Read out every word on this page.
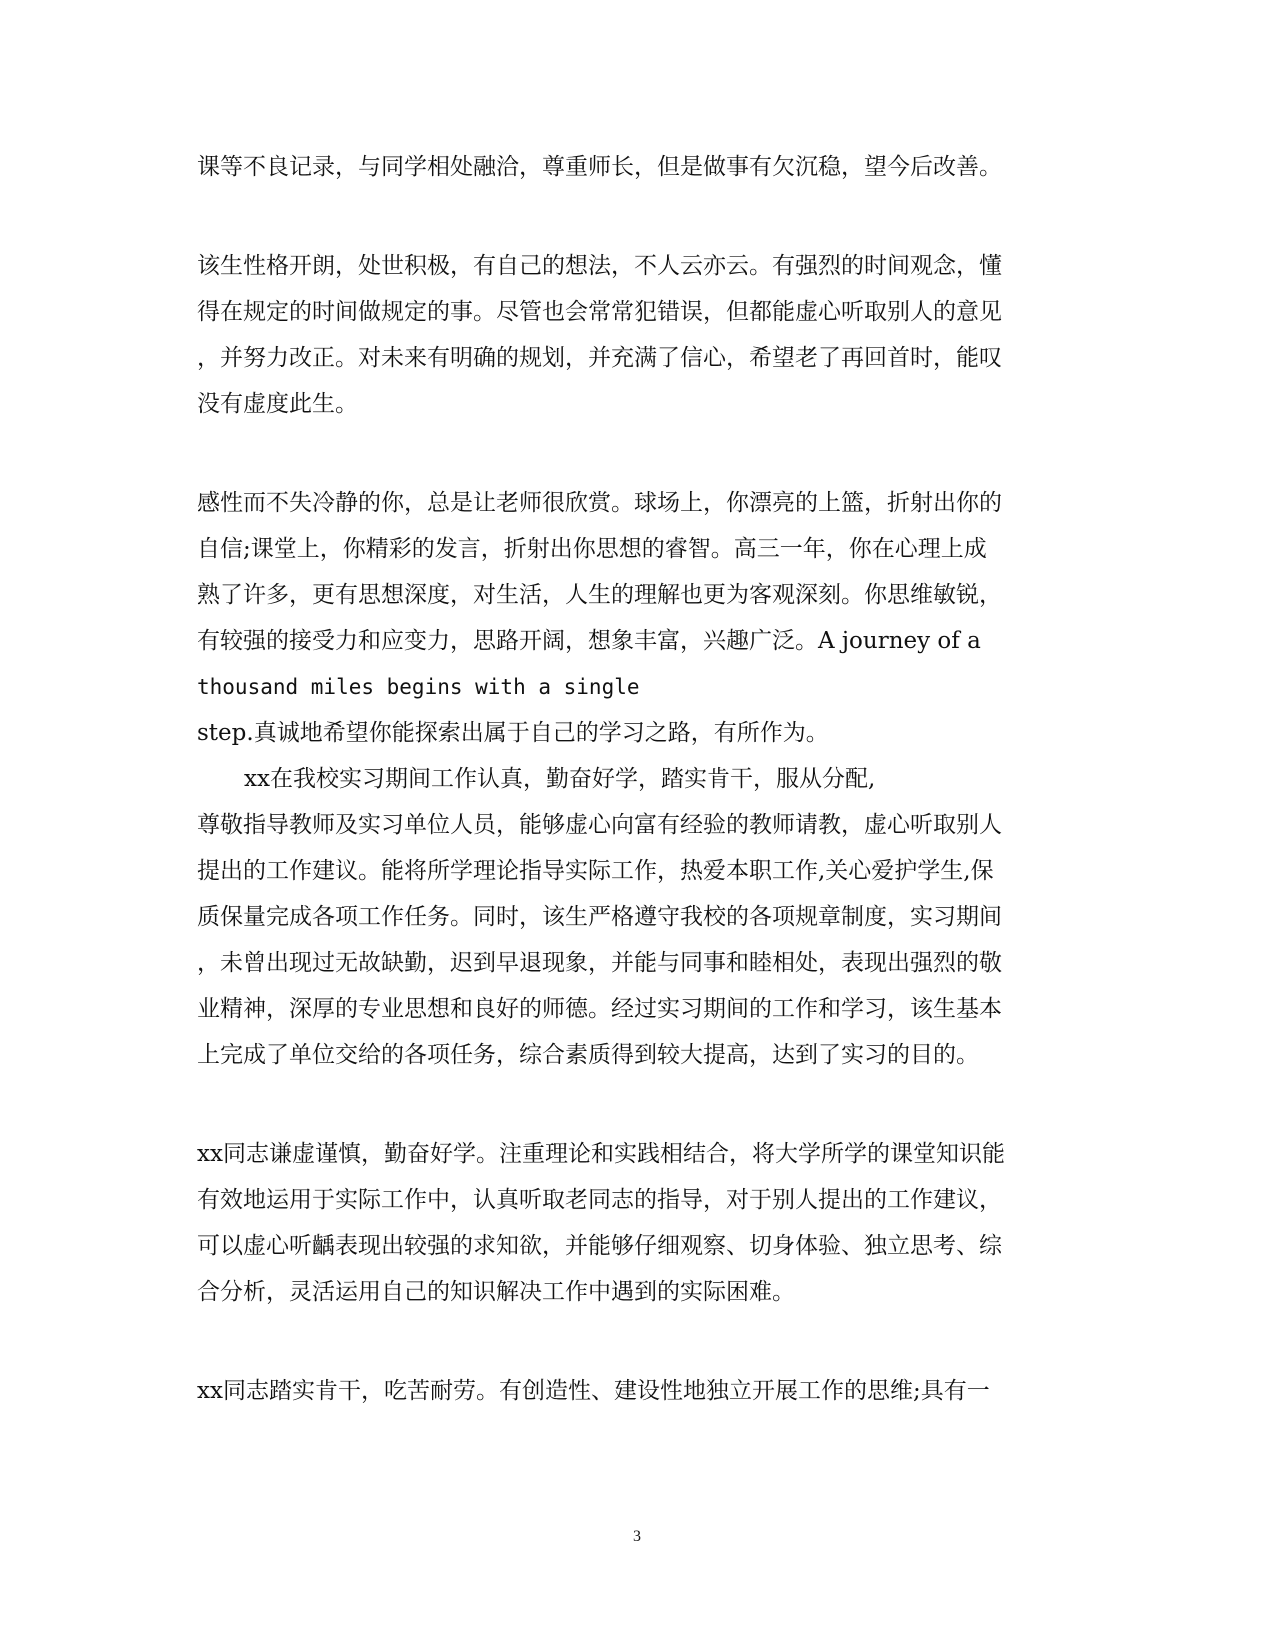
课等不良记录，与同学相处融洽，尊重师长，但是做事有欠沉稳，望今后改善。
该生性格开朗，处世积极，有自己的想法，不人云亦云。有强烈的时间观念，懂
得在规定的时间做规定的事。尽管也会常常犯错误，但都能虚心听取别人的意见
，并努力改正。对未来有明确的规划，并充满了信心，希望老了再回首时，能叹
没有虚度此生。
感性而不失冷静的你，总是让老师很欣赏。球场上，你漂亮的上篮，折射出你的
自信;课堂上，你精彩的发言，折射出你思想的睿智。高三一年，你在心理上成
熟了许多，更有思想深度，对生活，人生的理解也更为客观深刻。你思维敏锐，
有较强的接受力和应变力，思路开阔，想象丰富，兴趣广泛。A journey of a
thousand miles begins with a single
step.真诚地希望你能探索出属于自己的学习之路，有所作为。
xx在我校实习期间工作认真，勤奋好学，踏实肯干，服从分配,
尊敬指导教师及实习单位人员，能够虚心向富有经验的教师请教，虚心听取别人
提出的工作建议。能将所学理论指导实际工作，热爱本职工作,关心爱护学生,保
质保量完成各项工作任务。同时，该生严格遵守我校的各项规章制度，实习期间
，未曾出现过无故缺勤，迟到早退现象，并能与同事和睦相处，表现出强烈的敬
业精神，深厚的专业思想和良好的师德。经过实习期间的工作和学习，该生基本
上完成了单位交给的各项任务，综合素质得到较大提高，达到了实习的目的。
xx同志谦虚谨慎，勤奋好学。注重理论和实践相结合，将大学所学的课堂知识能
有效地运用于实际工作中，认真听取老同志的指导，对于别人提出的工作建议，
可以虚心听齲表现出较强的求知欲，并能够仔细观察、切身体验、独立思考、综
合分析，灵活运用自己的知识解决工作中遇到的实际困难。
xx同志踏实肯干，吃苦耐劳。有创造性、建设性地独立开展工作的思维;具有一
3
